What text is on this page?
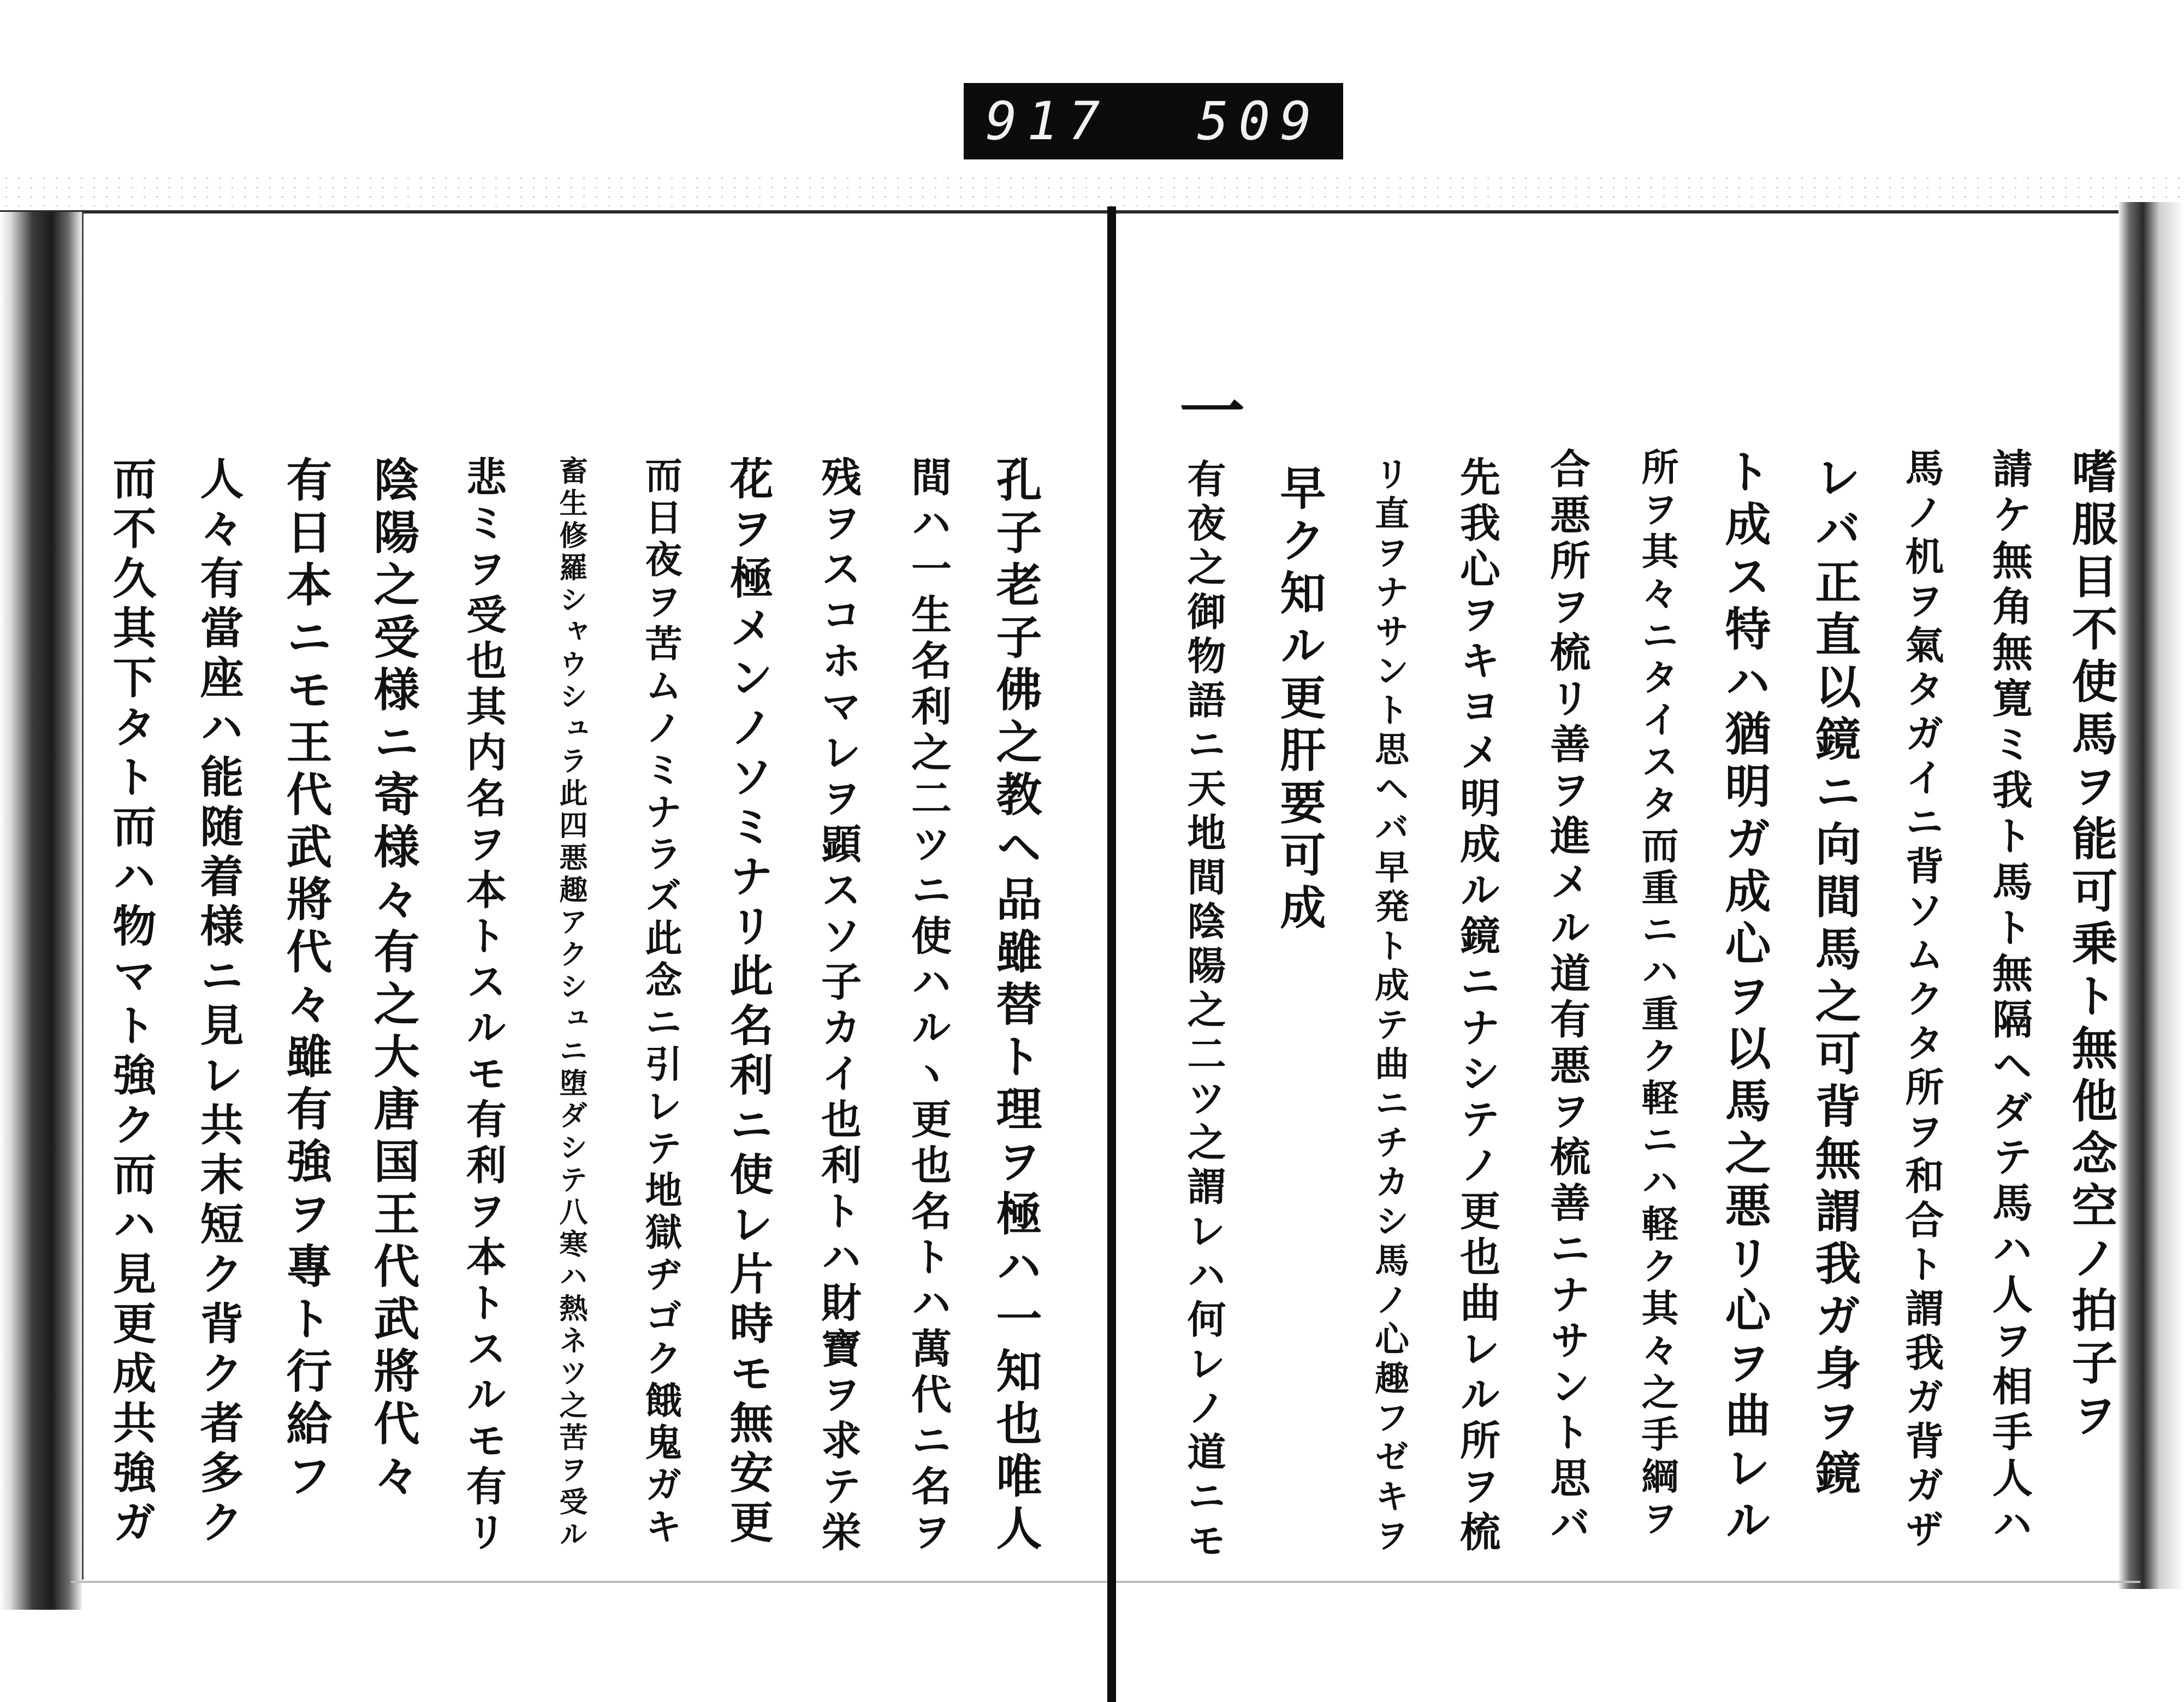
917 509
嗜服目不使馬ヲ能可乗ト無他念空ノ拍子ヲ
請ケ無角無寛ミ我ト馬ト無隔ヘダテ馬ハ人ヲ相手人ハ
馬ノ机ヲ氣タガイニ背ソムクタ所ヲ和合ト謂我ガ背ガザ
レバ正直以鏡ニ向間馬之可背無謂我ガ身ヲ鏡
ト成ス特ハ猶明ガ成心ヲ以馬之悪リ心ヲ曲レル
所ヲ其々ニタイスタ而重ニハ重ク軽ニハ軽ク其々之手綱ヲ
合悪所ヲ梳リ善ヲ進メル道有悪ヲ梳善ニナサント思バ
先我心ヲキヨメ明成ル鏡ニナシテノ更也曲レル所ヲ梳
リ直ヲナサント思ヘバ早発ト成テ曲ニチカシ馬ノ心趣フゼキヲ
早ク知ル更肝要可成
一
有夜之御物語ニ天地間陰陽之二ツ之謂レハ何レノ道ニモ
孔子老子佛之教ヘ品雖替ト理ヲ極ハ一知也唯人
間ハ一生名利之二ツニ使ハルヽ更也名トハ萬代ニ名ヲ
残ヲスコホマレヲ顕スソ子カイ也利トハ財寶ヲ求テ栄
花ヲ極メンノソミナリ此名利ニ使レ片時モ無安更
而日夜ヲ苦ムノミナラズ此念ニ引レテ地獄ヂゴク餓鬼ガキ
畜生修羅シャウシュラ此四悪趣アクシュニ堕ダシテ八寒ハ熱ネツ之苦ヲ受ル
悲ミヲ受也其内名ヲ本トスルモ有利ヲ本トスルモ有リ
陰陽之受様ニ寄様々有之大唐国王代武將代々
有日本ニモ王代武將代々雖有強ヲ專ト行給フ
人々有當座ハ能随着様ニ見レ共末短ク背ク者多ク
而不久其下タト而ハ物マト強ク而ハ見更成共強ガ
